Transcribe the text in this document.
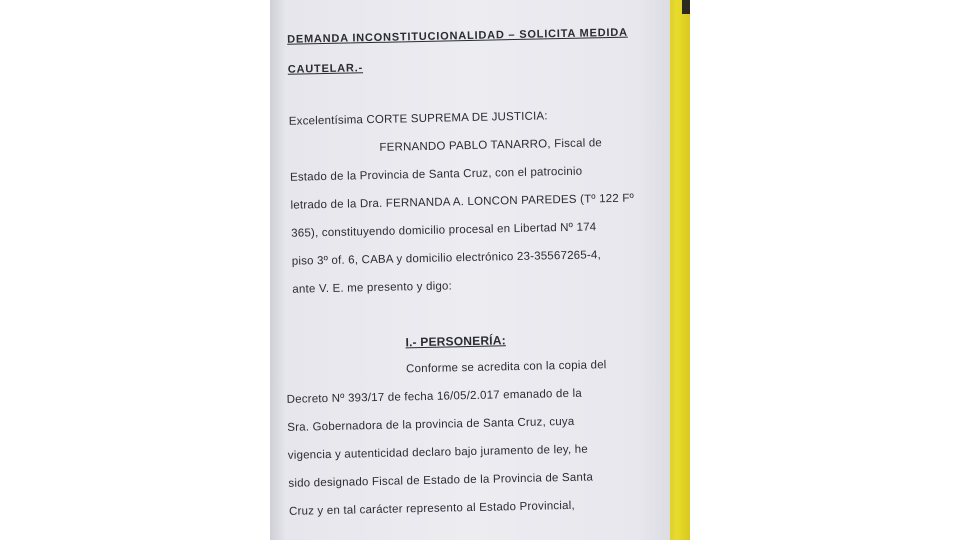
DEMANDA INCONSTITUCIONALIDAD – SOLICITA MEDIDA
CAUTELAR.-
Excelentísima CORTE SUPREMA DE JUSTICIA:
FERNANDO PABLO TANARRO, Fiscal de
Estado de la Provincia de Santa Cruz, con el patrocinio
letrado de la Dra. FERNANDA A. LONCON PAREDES (Tº 122 Fº
365), constituyendo domicilio procesal en Libertad Nº 174
piso 3º of. 6, CABA y domicilio electrónico 23-35567265-4,
ante V. E. me presento y digo:
I.- PERSONERÍA:
Conforme se acredita con la copia del
Decreto Nº 393/17 de fecha 16/05/2.017 emanado de la
Sra. Gobernadora de la provincia de Santa Cruz, cuya
vigencia y autenticidad declaro bajo juramento de ley, he
sido designado Fiscal de Estado de la Provincia de Santa
Cruz y en tal carácter represento al Estado Provincial,
